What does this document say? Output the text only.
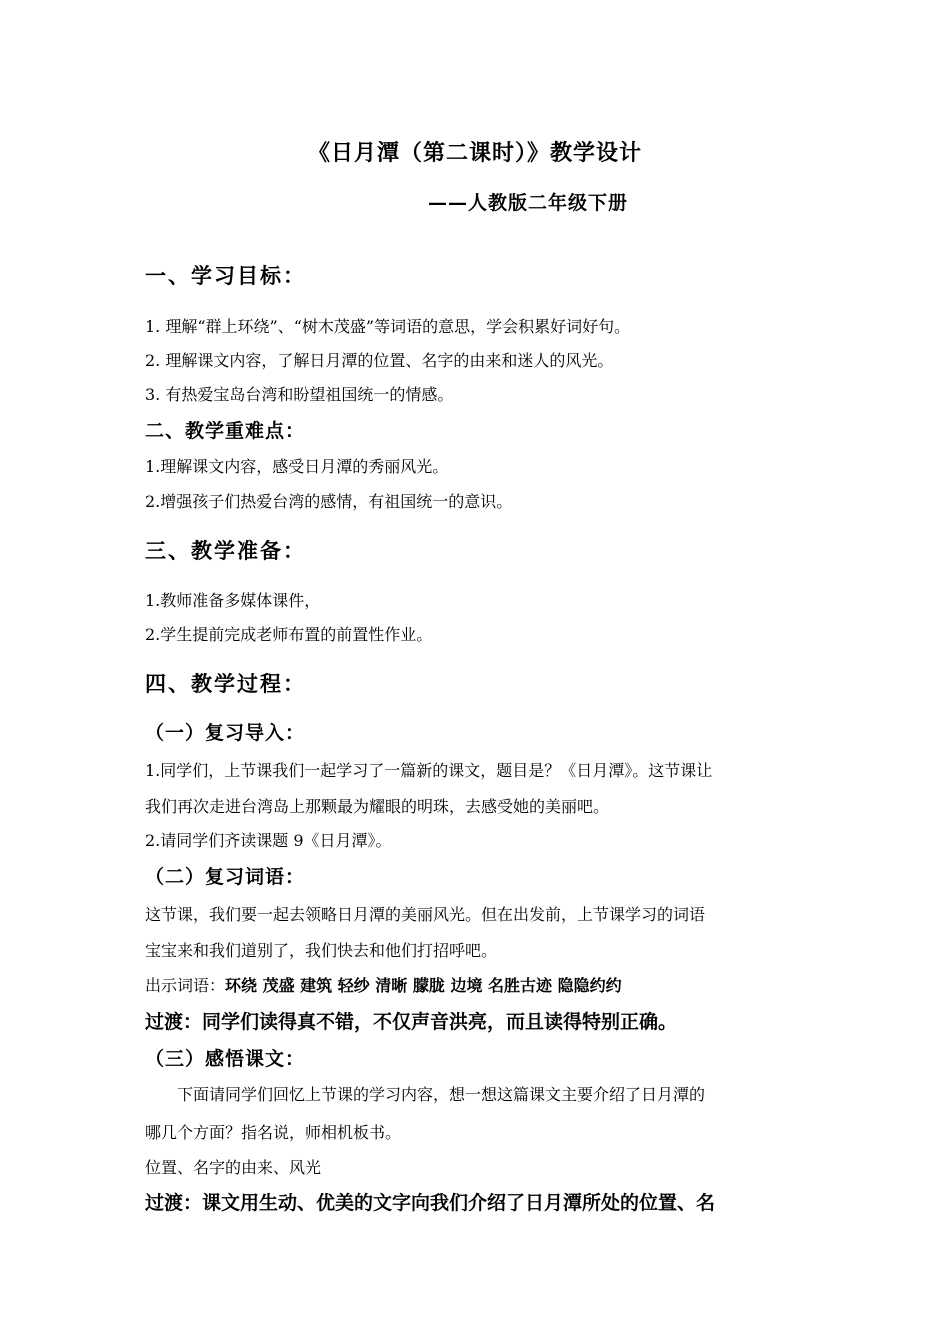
《日月潭（第二课时）》教学设计
——人教版二年级下册
一、学习目标：
1. 理解“群上环绕”、“树木茂盛”等词语的意思，学会积累好词好句。
2. 理解课文内容，了解日月潭的位置、名字的由来和迷人的风光。
3. 有热爱宝岛台湾和盼望祖国统一的情感。
二、教学重难点：
1.理解课文内容，感受日月潭的秀丽风光。
2.增强孩子们热爱台湾的感情，有祖国统一的意识。
三、教学准备：
1.教师准备多媒体课件，
2.学生提前完成老师布置的前置性作业。
四、教学过程：
（一）复习导入：
1.同学们，上节课我们一起学习了一篇新的课文，题目是？《日月潭》。这节课让
我们再次走进台湾岛上那颗最为耀眼的明珠，去感受她的美丽吧。
2.请同学们齐读课题 9《日月潭》。
（二）复习词语：
这节课，我们要一起去领略日月潭的美丽风光。但在出发前，上节课学习的词语
宝宝来和我们道别了，我们快去和他们打招呼吧。
出示词语：环绕 茂盛 建筑 轻纱 清晰 朦胧 边境 名胜古迹 隐隐约约
过渡：同学们读得真不错，不仅声音洪亮，而且读得特别正确。
（三）感悟课文：
下面请同学们回忆上节课的学习内容，想一想这篇课文主要介绍了日月潭的
哪几个方面？指名说，师相机板书。
位置、名字的由来、风光
过渡：课文用生动、优美的文字向我们介绍了日月潭所处的位置、名
